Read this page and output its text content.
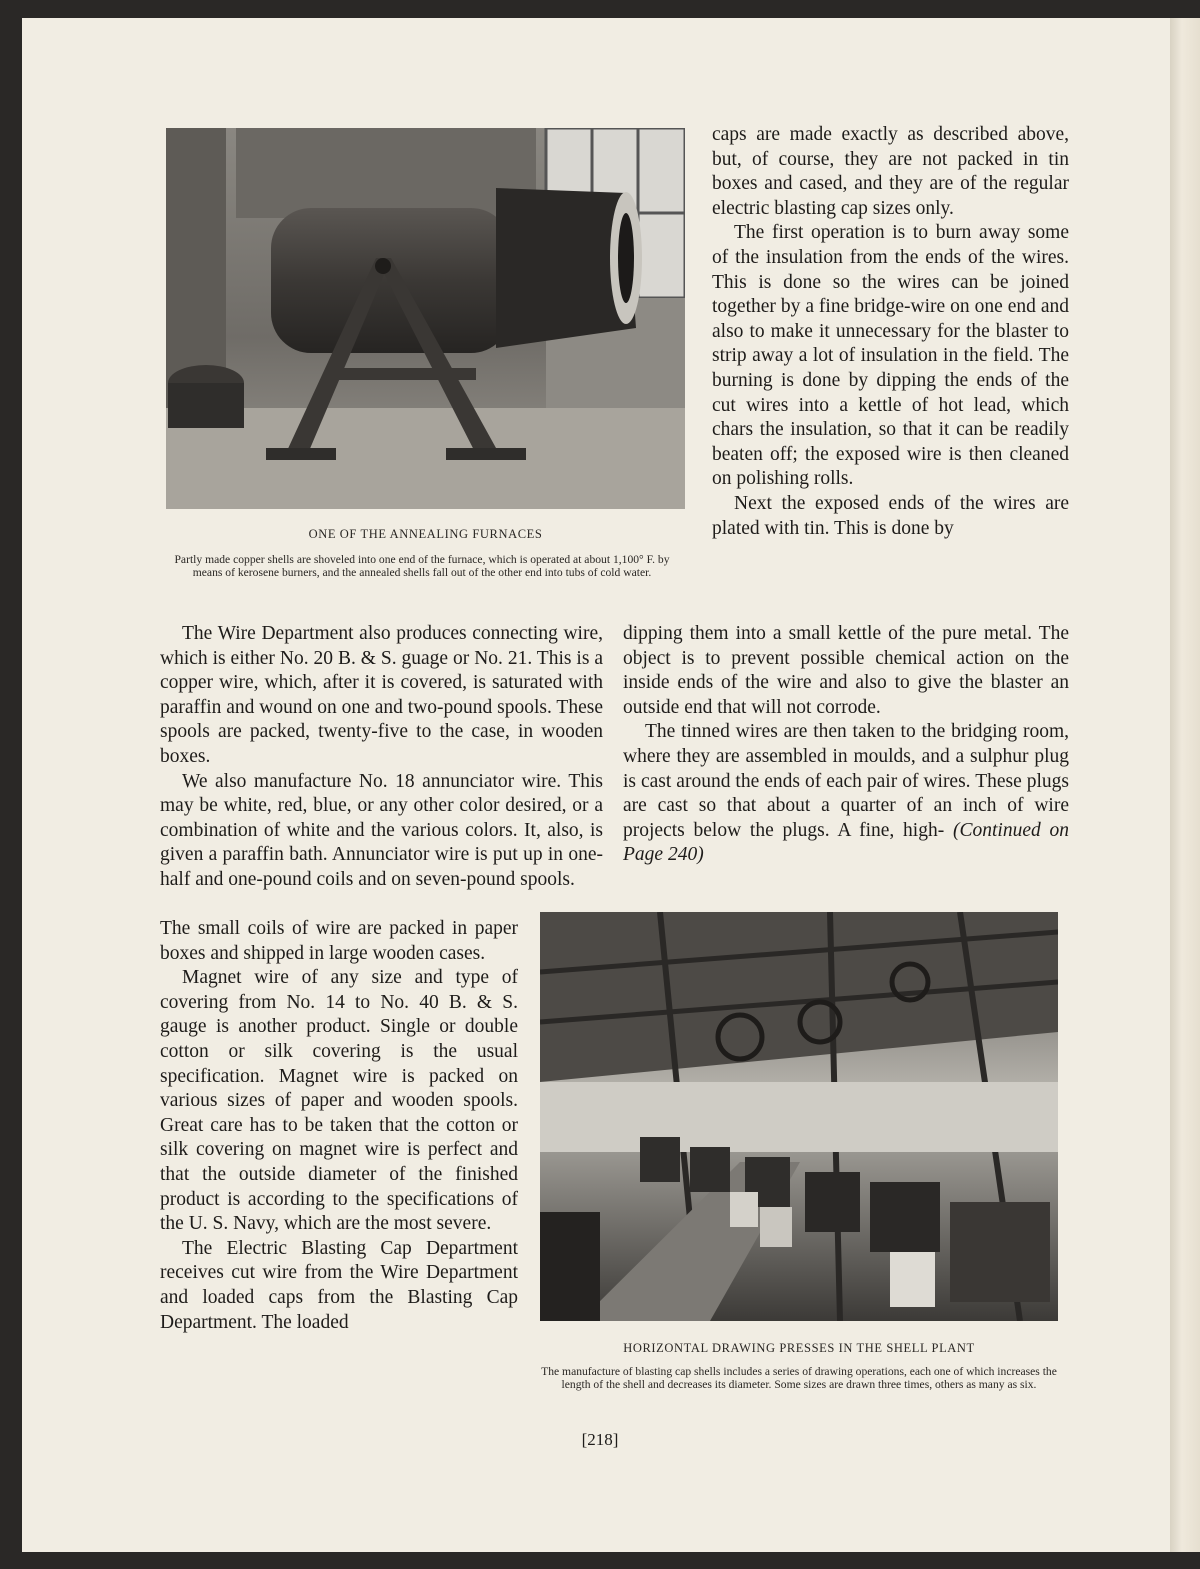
ONE OF THE ANNEALING FURNACES
Partly made copper shells are shoveled into one end of the furnace, which is operated at about 1,100° F. by means of kerosene burners, and the annealed shells fall out of the other end into tubs of cold water.

caps are made exactly as described above, but, of course, they are not packed in tin boxes and cased, and they are of the regular electric blasting cap sizes only.

The first operation is to burn away some of the insulation from the ends of the wires. This is done so the wires can be joined together by a fine bridge-wire on one end and also to make it unnecessary for the blaster to strip away a lot of insulation in the field. The burning is done by dipping the ends of the cut wires into a kettle of hot lead, which chars the insulation, so that it can be readily beaten off; the exposed wire is then cleaned on polishing rolls.

Next the exposed ends of the wires are plated with tin. This is done by

dipping them into a small kettle of the pure metal. The object is to prevent possible chemical action on the inside ends of the wire and also to give the blaster an outside end that will not corrode.

The tinned wires are then taken to the bridging room, where they are assembled in moulds, and a sulphur plug is cast around the ends of each pair of wires. These plugs are cast so that about a quarter of an inch of wire projects below the plugs. A fine, high- (Continued on Page 240)

The Wire Department also produces connecting wire, which is either No. 20 B. & S. guage or No. 21. This is a copper wire, which, after it is covered, is saturated with paraffin and wound on one and two-pound spools. These spools are packed, twenty-five to the case, in wooden boxes.

We also manufacture No. 18 annunciator wire. This may be white, red, blue, or any other color desired, or a combination of white and the various colors. It, also, is given a paraffin bath. Annunciator wire is put up in one-half and one-pound coils and on seven-pound spools.

The small coils of wire are packed in paper boxes and shipped in large wooden cases.

Magnet wire of any size and type of covering from No. 14 to No. 40 B. & S. gauge is another product. Single or double cotton or silk covering is the usual specification. Magnet wire is packed on various sizes of paper and wooden spools. Great care has to be taken that the cotton or silk covering on magnet wire is perfect and that the outside diameter of the finished product is according to the specifications of the U. S. Navy, which are the most severe.

The Electric Blasting Cap Department receives cut wire from the Wire Department and loaded caps from the Blasting Cap Department. The loaded

HORIZONTAL DRAWING PRESSES IN THE SHELL PLANT
The manufacture of blasting cap shells includes a series of drawing operations, each one of which increases the length of the shell and decreases its diameter. Some sizes are drawn three times, others as many as six.
[218]
